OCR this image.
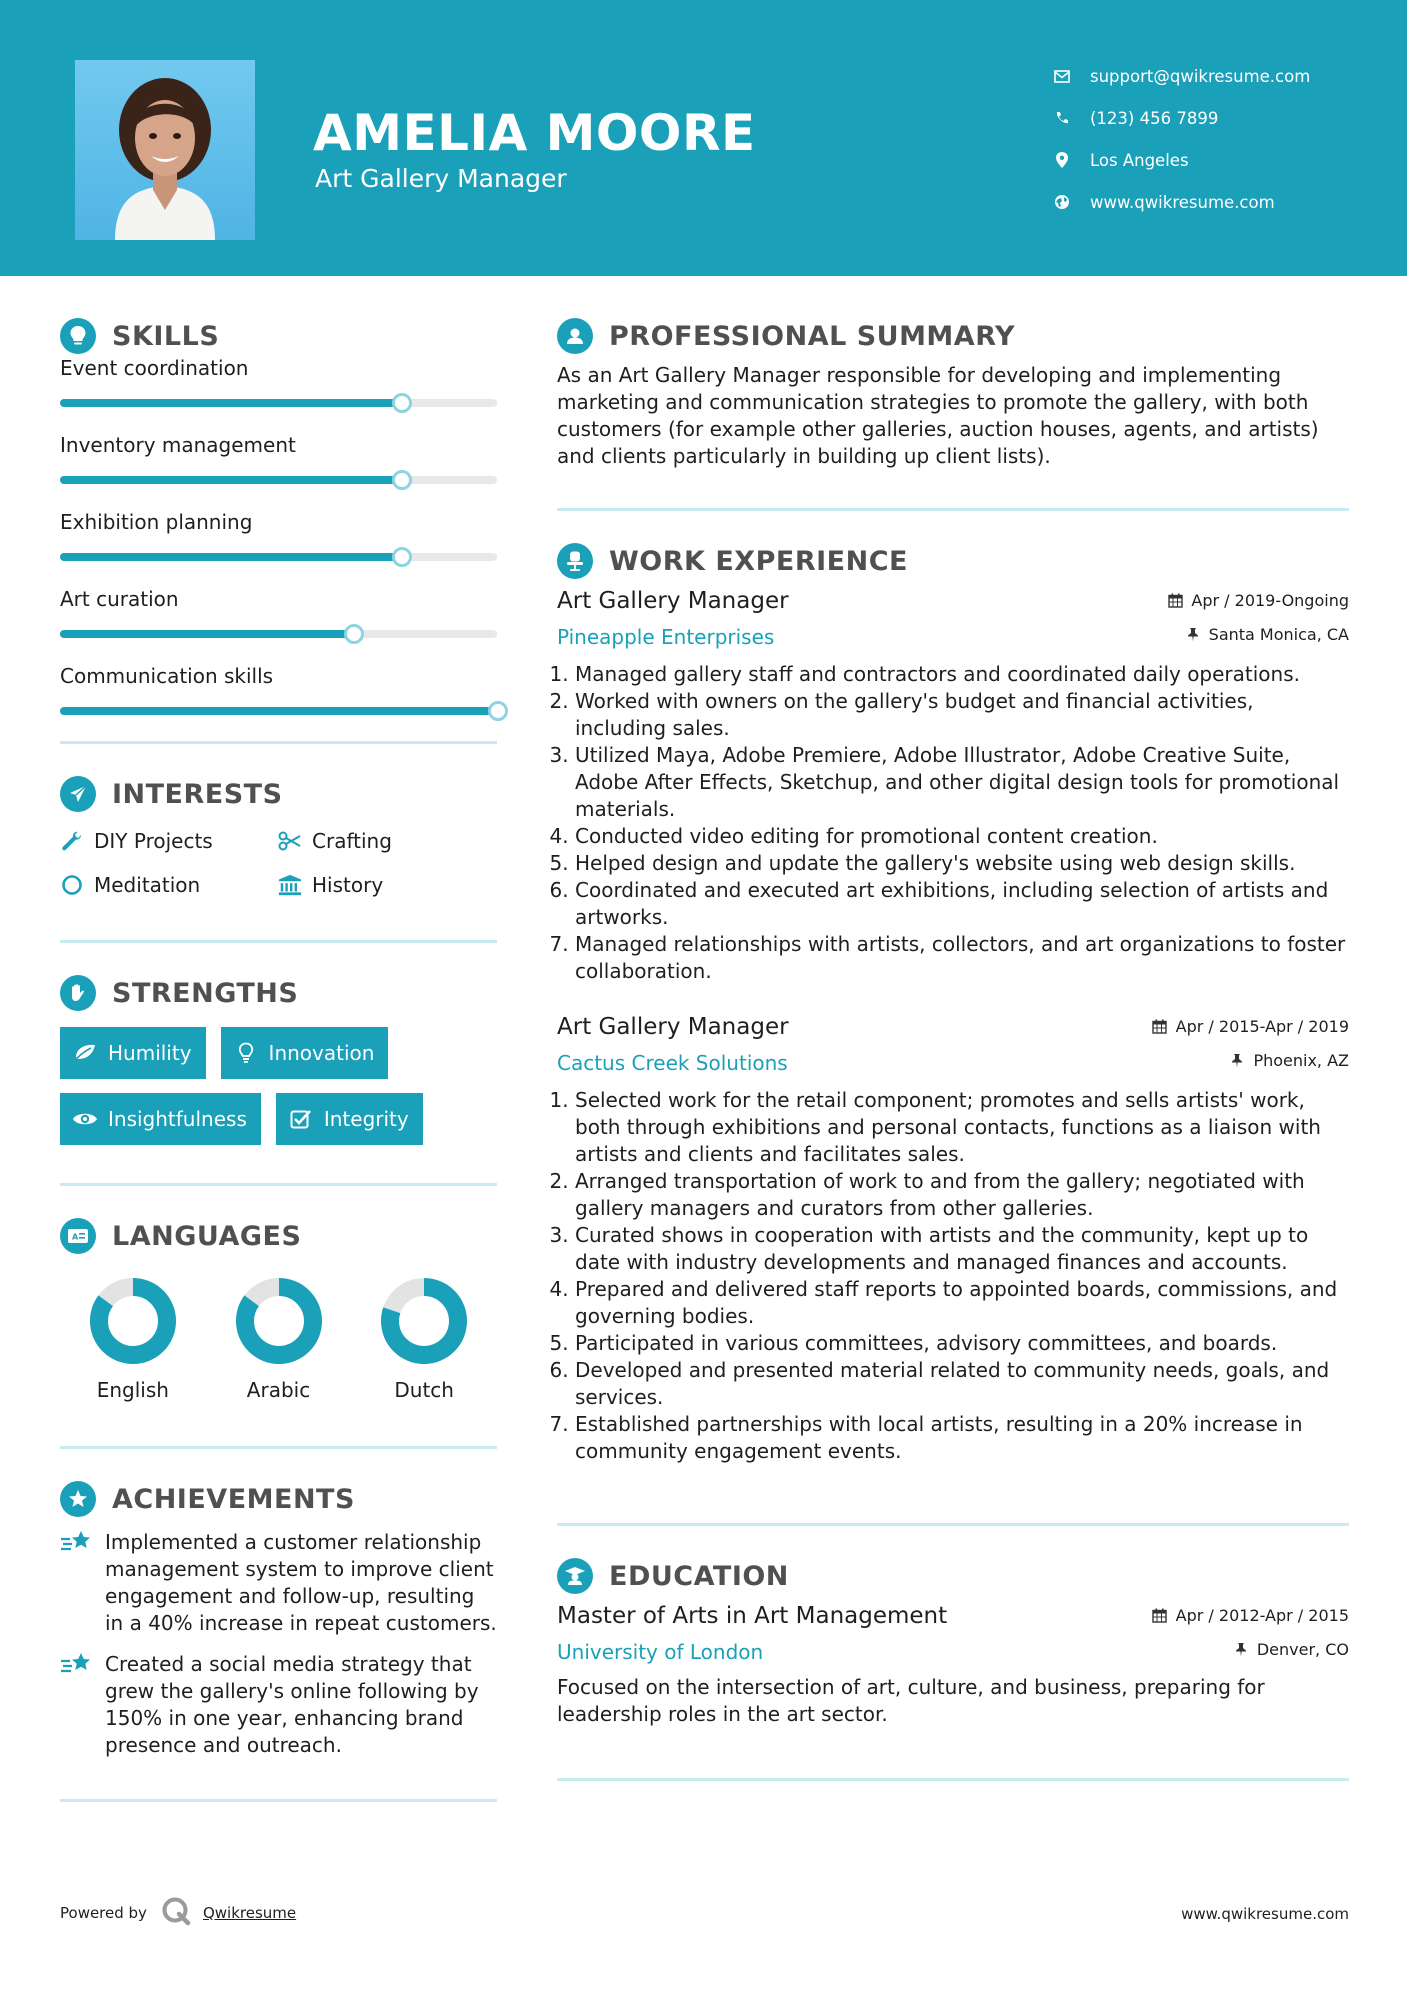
AMELIA MOORE
Art Gallery Manager
support@qwikresume.com
(123) 456 7899
Los Angeles
www.qwikresume.com
SKILLS
Event coordination
Inventory management
Exhibition planning
Art curation
Communication skills
INTERESTS
DIY Projects	Crafting
Meditation	History
STRENGTHS
Humility	Innovation
Insightfulness	Integrity
A LANGUAGES
English	Arabic	Dutch
ACHIEVEMENTS
Implemented a customer relationship management system to improve client engagement and follow-up, resulting in a 40% increase in repeat customers.
Created a social media strategy that grew the gallery's online following by 150% in one year, enhancing brand presence and outreach.
PROFESSIONAL SUMMARY
As an Art Gallery Manager responsible for developing and implementing marketing and communication strategies to promote the gallery, with both customers (for example other galleries, auction houses, agents, and artists) and clients particularly in building up client lists).
WORK EXPERIENCE
Art Gallery Manager
Pineapple Enterprises
Apr / 2019-Ongoing
Santa Monica, CA
1. Managed gallery staff and contractors and coordinated daily operations.
2. Worked with owners on the gallery's budget and financial activities, including sales.
3. Utilized Maya, Adobe Premiere, Adobe Illustrator, Adobe Creative Suite, Adobe After Effects, Sketchup, and other digital design tools for promotional materials.
4. Conducted video editing for promotional content creation.
5. Helped design and update the gallery's website using web design skills.
6. Coordinated and executed art exhibitions, including selection of artists and artworks.
7. Managed relationships with artists, collectors, and art organizations to foster collaboration.
Art Gallery Manager
Cactus Creek Solutions
Apr / 2015-Apr / 2019
Phoenix, AZ
1. Selected work for the retail component; promotes and sells artists' work, both through exhibitions and personal contacts, functions as a liaison with artists and clients and facilitates sales.
2. Arranged transportation of work to and from the gallery; negotiated with gallery managers and curators from other galleries.
3. Curated shows in cooperation with artists and the community, kept up to date with industry developments and managed finances and accounts.
4. Prepared and delivered staff reports to appointed boards, commissions, and governing bodies.
5. Participated in various committees, advisory committees, and boards.
6. Developed and presented material related to community needs, goals, and services.
7. Established partnerships with local artists, resulting in a 20% increase in community engagement events.
EDUCATION
Master of Arts in Art Management
University of London
Apr / 2012-Apr / 2015
Denver, CO
Focused on the intersection of art, culture, and business, preparing for leadership roles in the art sector.
Powered by	Qwikresume	www.qwikresume.com
